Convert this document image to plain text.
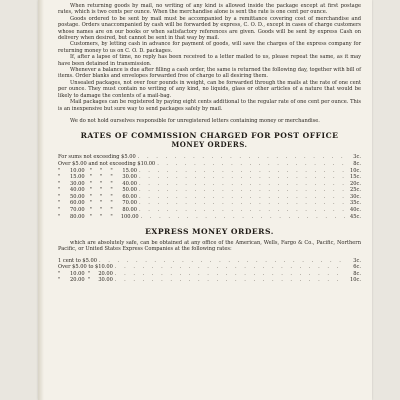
When returning goods by mail, no writing of any kind is allowed inside the package except at first postage rates, which is two cents per ounce. When the merchandise alone is sent the rate is one cent per ounce.

Goods ordered to be sent by mail must be accompanied by a remittance covering cost of merchandise and postage. Orders unaccompanied by cash will be forwarded by express, C. O. D., except in cases of charge customers whose names are on our books or when satisfactory references are given. Goods will be sent by express Cash on delivery when desired, but cannot be sent in that way by mail.

Customers, by letting cash in advance for payment of goods, will save the charges of the express company for returning money to us on C. O. D. packages.

If, after a lapse of time, no reply has been received to a letter mailed to us, please repeat the same, as it may have been detained in transmission.

Whenever a balance is due after filling a cash order, the same is returned the following day, together with bill of items. Order blanks and envelopes forwarded free of charge to all desiring them.

Unsealed packages, not over four pounds in weight, can be forwarded through the mails at the rate of one cent per ounce. They must contain no writing of any kind, no liquids, glass or other articles of a nature that would be likely to damage the contents of a mail-bag.

Mail packages can be registered by paying eight cents additional to the regular rate of one cent per ounce. This is an inexpensive but sure way to send packages safely by mail.

We do not hold ourselves responsible for unregistered letters containing money or merchandise.

RATES OF COMMISSION CHARGED FOR POST OFFICE
MONEY ORDERS.
For sums not exceeding $5.00 . . .	3c.
Over $5.00 and not exceeding $10.00 . . .	8c.
"      10.00   "     "     "      15.00 . . .	10c.
"      15.00   "     "     "      30.00 . . .	15c.
"      30.00   "     "     "      40.00 . . .	20c.
"      40.00   "     "     "      50.00 . . .	25c.
"      50.00   "     "     "      60.00 . . .	30c.
"      60.00   "     "     "      70.00 . . .	35c.
"      70.00   "     "     "      80.00 . . .	40c.
"      80.00   "     "     "     100.00 . . .	45c.
EXPRESS MONEY ORDERS.

which are absolutely safe, can be obtained at any office of the American, Wells, Fargo & Co., Pacific, Northern Pacific, or United States Express Companies at the following rates:

1 cent to $5.00 . . .	3c.
Over $5.00 to $10.00 . . .	6c.
"      10.00  "     20.00 . . .	8c.
"      20.00  "     30.00 . . .	10c.
